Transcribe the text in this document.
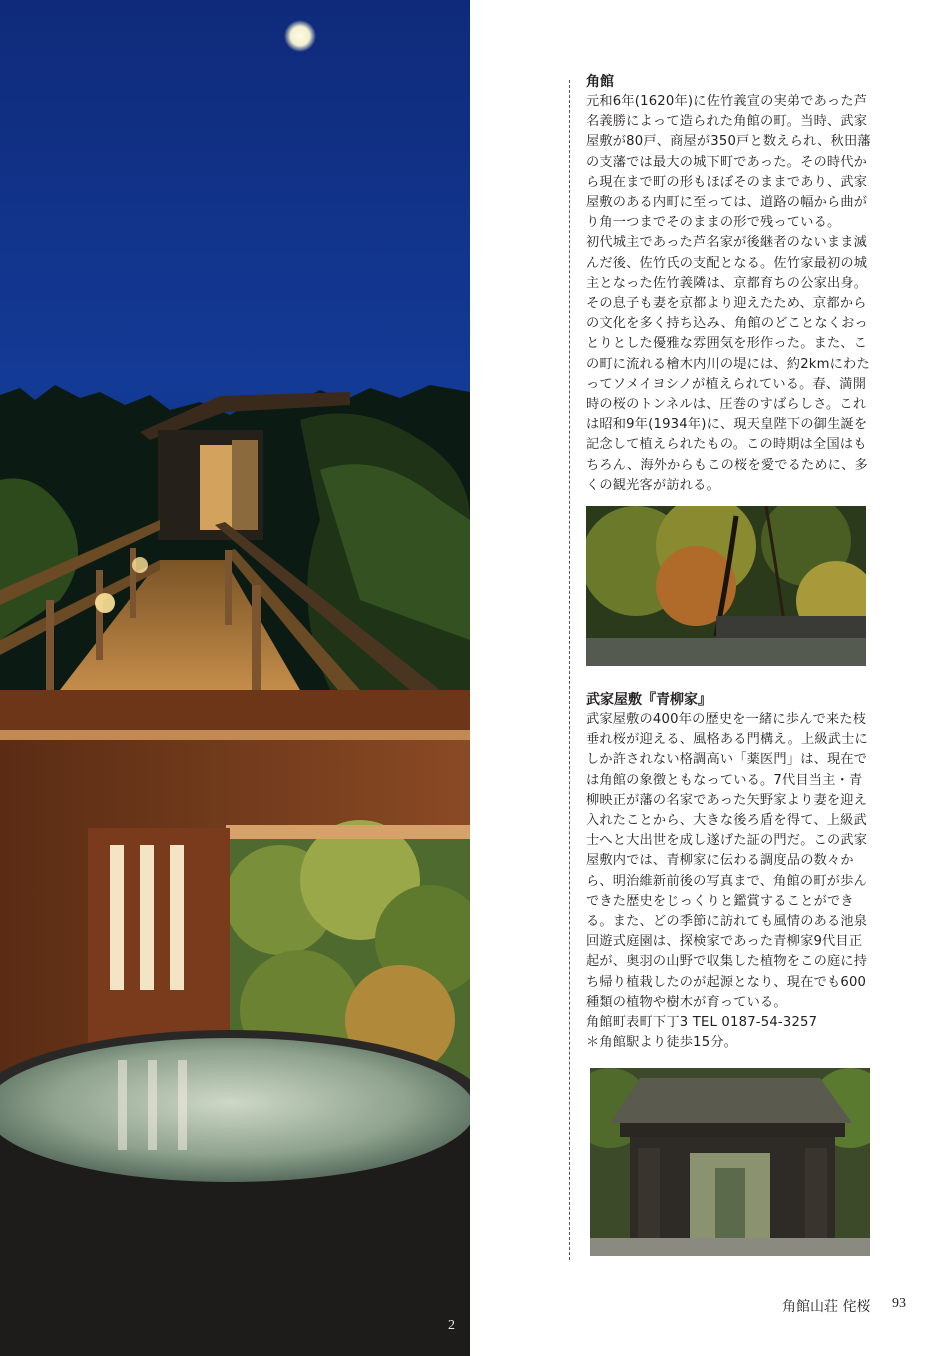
2
角館

元和6年(1620年)に佐竹義宣の実弟であった芦名義勝によって造られた角館の町。当時、武家屋敷が80戸、商屋が350戸と数えられ、秋田藩の支藩では最大の城下町であった。その時代から現在まで町の形もほぼそのままであり、武家屋敷のある内町に至っては、道路の幅から曲がり角一つまでそのままの形で残っている。

初代城主であった芦名家が後継者のないまま滅んだ後、佐竹氏の支配となる。佐竹家最初の城主となった佐竹義隣は、京都育ちの公家出身。その息子も妻を京都より迎えたため、京都からの文化を多く持ち込み、角館のどことなくおっとりとした優雅な雰囲気を形作った。また、この町に流れる檜木内川の堤には、約2kmにわたってソメイヨシノが植えられている。春、満開時の桜のトンネルは、圧巻のすばらしさ。これは昭和9年(1934年)に、現天皇陛下の御生誕を記念して植えられたもの。この時期は全国はもちろん、海外からもこの桜を愛でるために、多くの観光客が訪れる。

武家屋敷『青柳家』

武家屋敷の400年の歴史を一緒に歩んで来た枝垂れ桜が迎える、風格ある門構え。上級武士にしか許されない格調高い「薬医門」は、現在では角館の象徴ともなっている。7代目当主・青柳映正が藩の名家であった矢野家より妻を迎え入れたことから、大きな後ろ盾を得て、上級武士へと大出世を成し遂げた証の門だ。この武家屋敷内では、青柳家に伝わる調度品の数々から、明治維新前後の写真まで、角館の町が歩んできた歴史をじっくりと鑑賞することができる。また、どの季節に訪れても風情のある池泉回遊式庭園は、探検家であった青柳家9代目正起が、奥羽の山野で収集した植物をこの庭に持ち帰り植栽したのが起源となり、現在でも600種類の植物や樹木が育っている。

角館町表町下丁3 TEL 0187-54-3257

＊角館駅より徒歩15分。

角館山荘 侘桜 93
